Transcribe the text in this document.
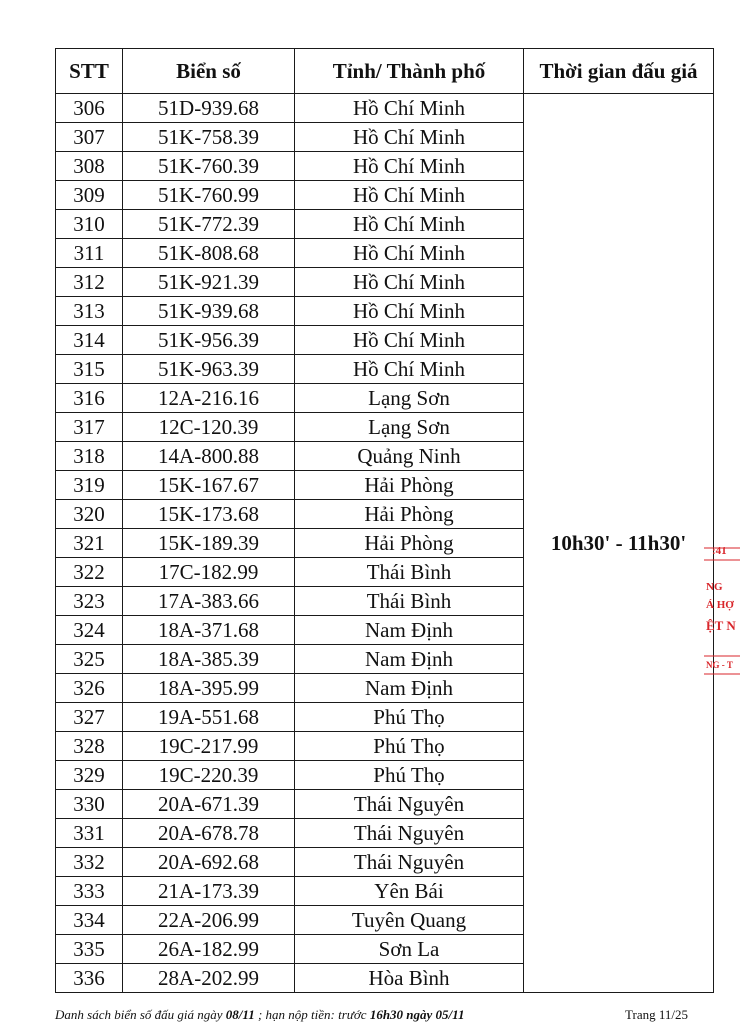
STT	Biển số	Tỉnh/ Thành phố	Thời gian đấu giá
306	51D-939.68	Hồ Chí Minh	10h30' - 11h30'
307	51K-758.39	Hồ Chí Minh	
308	51K-760.39	Hồ Chí Minh	
309	51K-760.99	Hồ Chí Minh	
310	51K-772.39	Hồ Chí Minh	
311	51K-808.68	Hồ Chí Minh	
312	51K-921.39	Hồ Chí Minh	
313	51K-939.68	Hồ Chí Minh	
314	51K-956.39	Hồ Chí Minh	
315	51K-963.39	Hồ Chí Minh	
316	12A-216.16	Lạng Sơn	
317	12C-120.39	Lạng Sơn	
318	14A-800.88	Quảng Ninh	
319	15K-167.67	Hải Phòng	
320	15K-173.68	Hải Phòng	
321	15K-189.39	Hải Phòng	
322	17C-182.99	Thái Bình	
323	17A-383.66	Thái Bình	
324	18A-371.68	Nam Định	
325	18A-385.39	Nam Định	
326	18A-395.99	Nam Định	
327	19A-551.68	Phú Thọ	
328	19C-217.99	Phú Thọ	
329	19C-220.39	Phú Thọ	
330	20A-671.39	Thái Nguyên	
331	20A-678.78	Thái Nguyên	
332	20A-692.68	Thái Nguyên	
333	21A-173.39	Yên Bái	
334	22A-206.99	Tuyên Quang	
335	26A-182.99	Sơn La	
336	28A-202.99	Hòa Bình	
Danh sách biển số đấu giá ngày 08/11 ; hạn nộp tiền: trước 16h30 ngày 05/11	Trang 11/25
:41
NG
Á HỢ
ỆT N
NG - T
